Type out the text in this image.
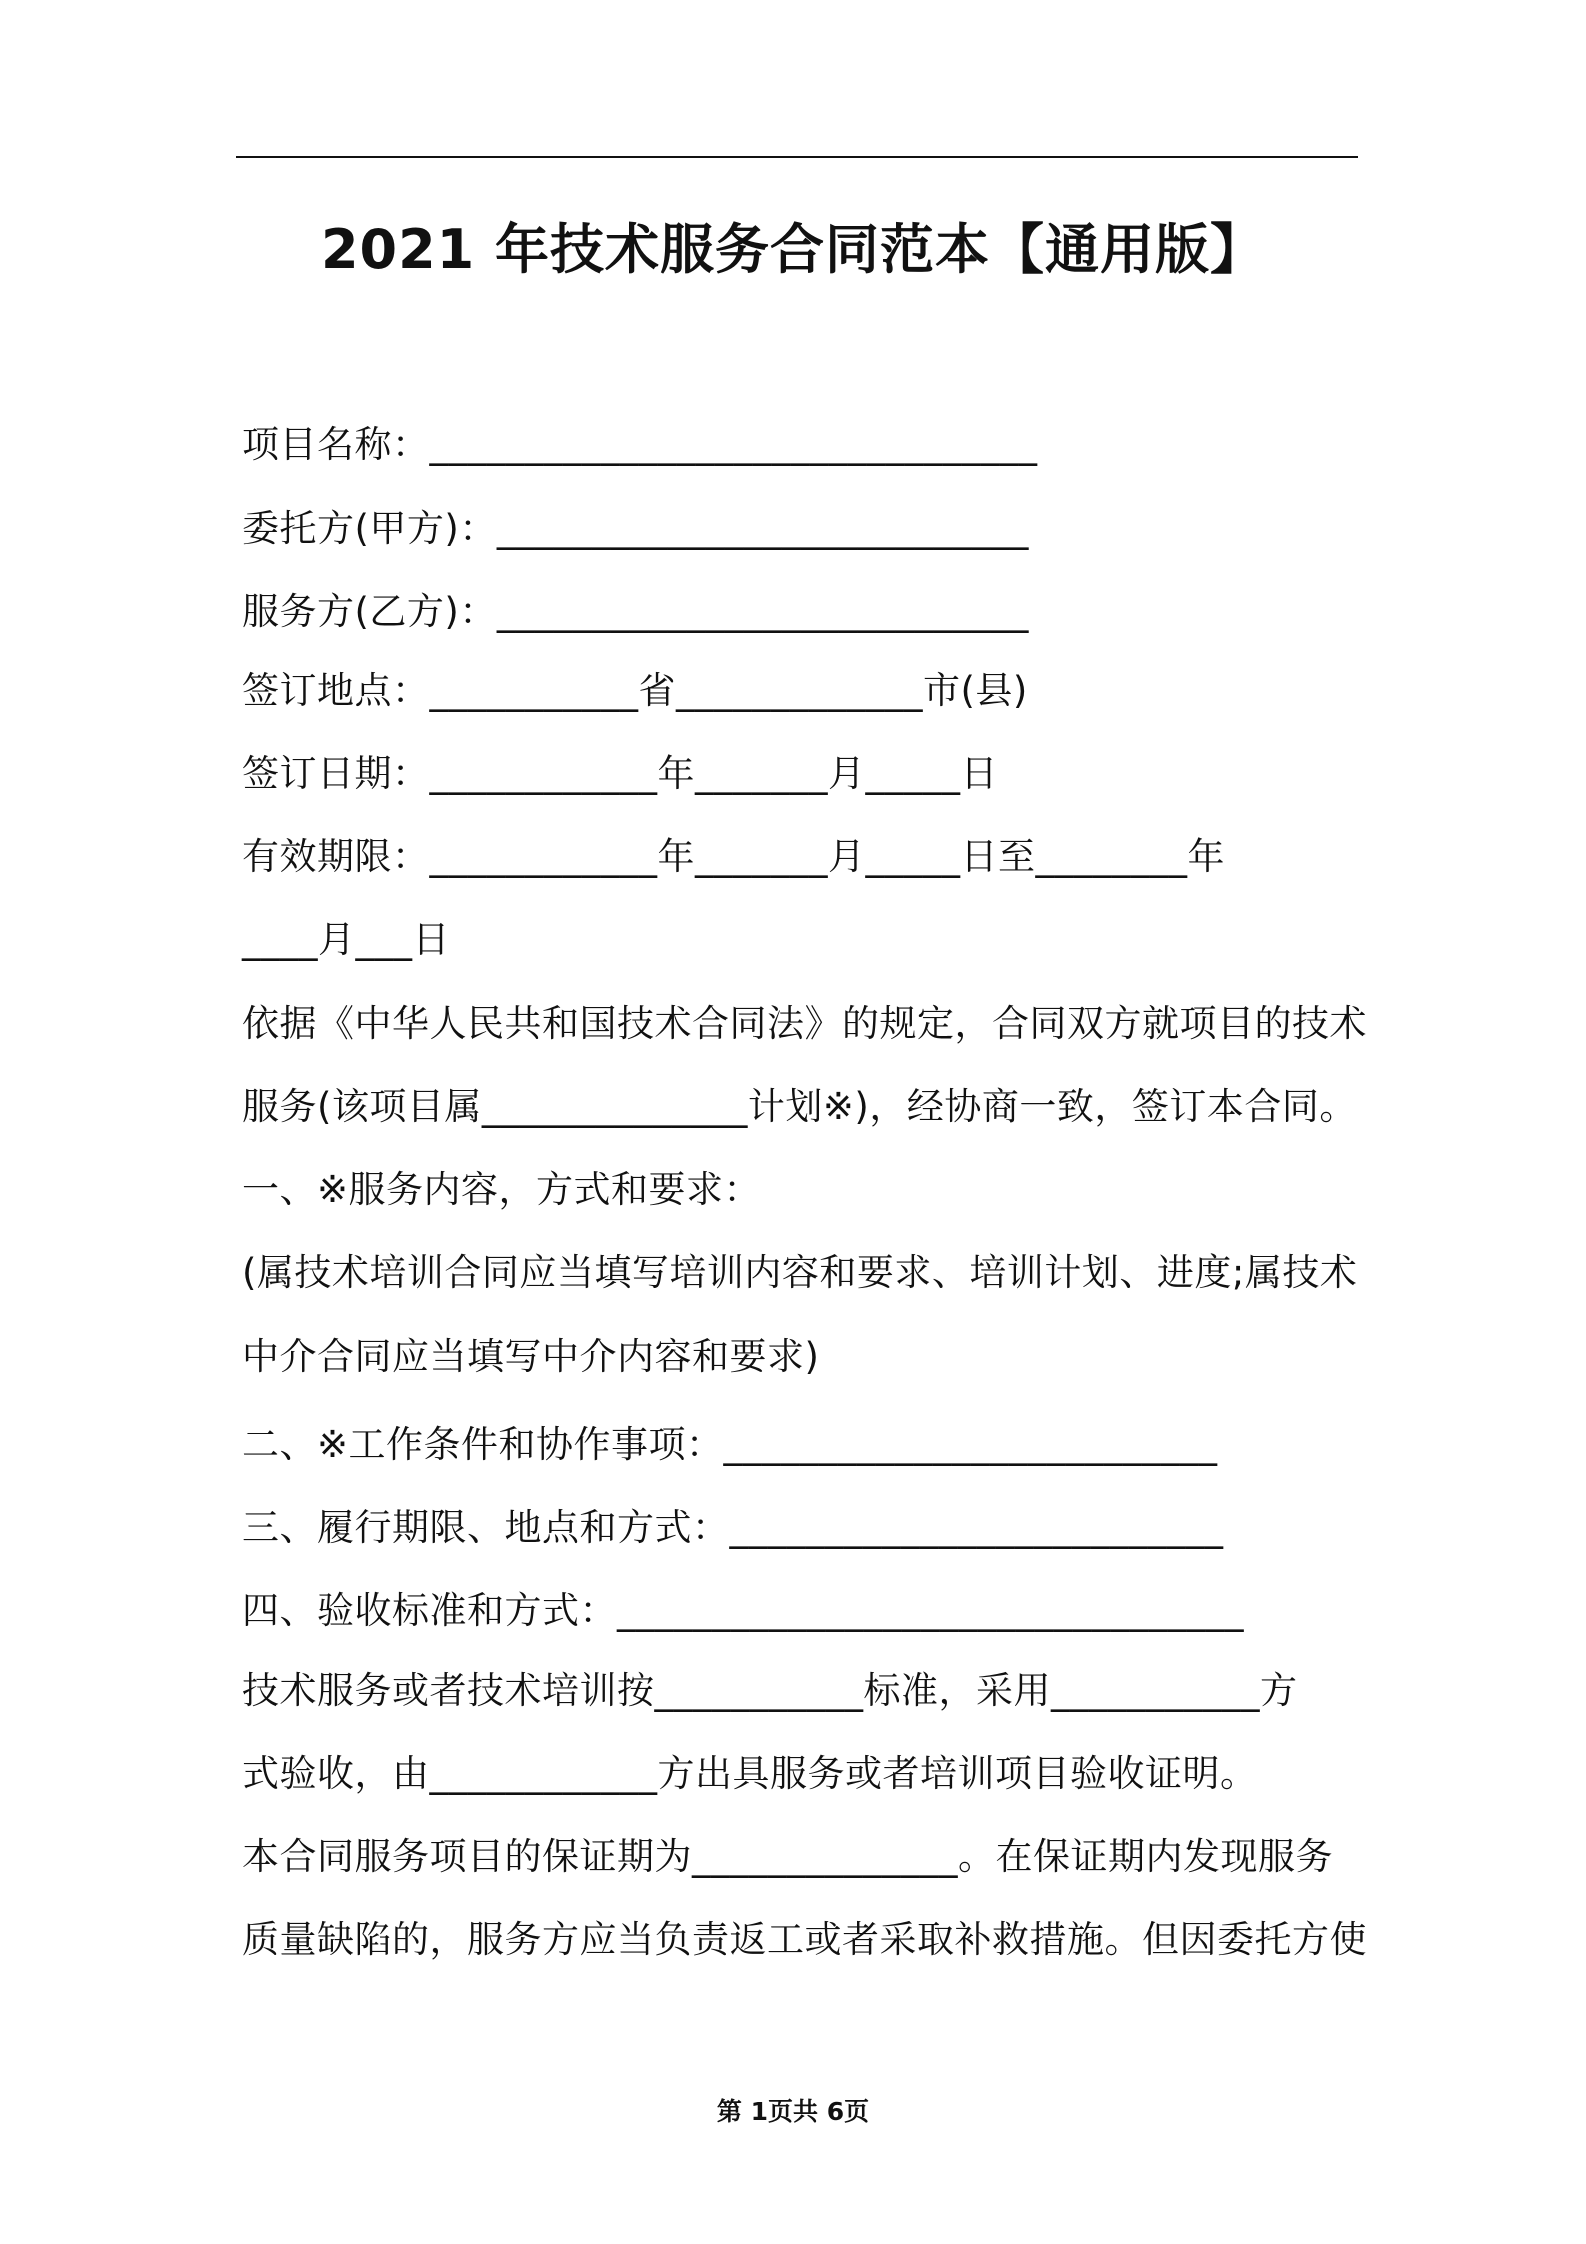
2021 年技术服务合同范本【通用版】
项目名称：________________________________
委托方(甲方)：____________________________
服务方(乙方)：____________________________
签订地点：___________省_____________市(县)
签订日期：____________年_______月_____日
有效期限：____________年_______月_____日至________年
____月___日
依据《中华人民共和国技术合同法》的规定，合同双方就项目的技术
服务(该项目属______________计划※)，经协商一致，签订本合同。
一、※服务内容，方式和要求：
(属技术培训合同应当填写培训内容和要求、培训计划、进度;属技术
中介合同应当填写中介内容和要求)
二、※工作条件和协作事项：__________________________
三、履行期限、地点和方式：__________________________
四、验收标准和方式：_________________________________
技术服务或者技术培训按___________标准，采用___________方
式验收，由____________方出具服务或者培训项目验收证明。
本合同服务项目的保证期为______________。在保证期内发现服务
质量缺陷的，服务方应当负责返工或者采取补救措施。但因委托方使
第 1页共 6页
